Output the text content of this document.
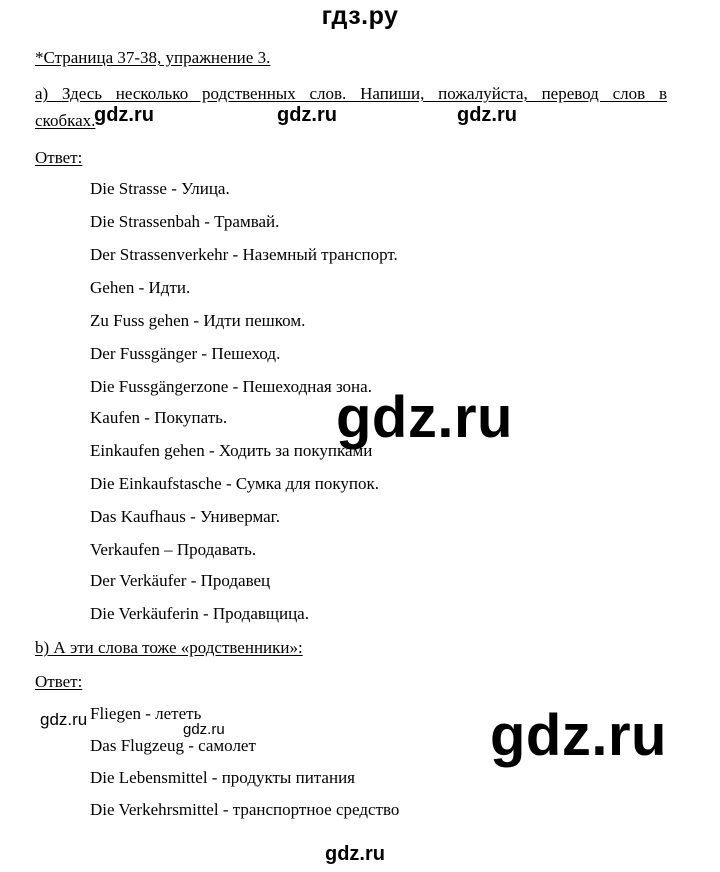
гдз.ру
*Страница 37-38, упражнение 3.
а) Здесь несколько родственных слов. Напиши, пожалуйста, перевод слов в
скобках.
Ответ:
Die Strasse - Улица.
Die Strassenbah - Трамвай.
Der Strassenverkehr - Наземный транспорт.
Gehen - Идти.
Zu Fuss gehen - Идти пешком.
Der Fussgänger - Пешеход.
Die Fussgängerzone - Пешеходная зона.
Kaufen - Покупать.
Einkaufen gehen - Ходить за покупками
Die Einkaufstasche - Сумка для покупок.
Das Kaufhaus - Универмаг.
Verkaufen – Продавать.
Der Verkäufer - Продавец
Die Verkäuferin - Продавщица.
b) А эти слова тоже «родственники»:
Ответ:
Fliegen - лететь
Das Flugzeug - самолет
Die Lebensmittel - продукты питания
Die Verkehrsmittel - транспортное средство
gdz.ru	gdz.ru	gdz.ru
gdz.ru
gdz.ru
gdz.ru	gdz.ru
gdz.ru
